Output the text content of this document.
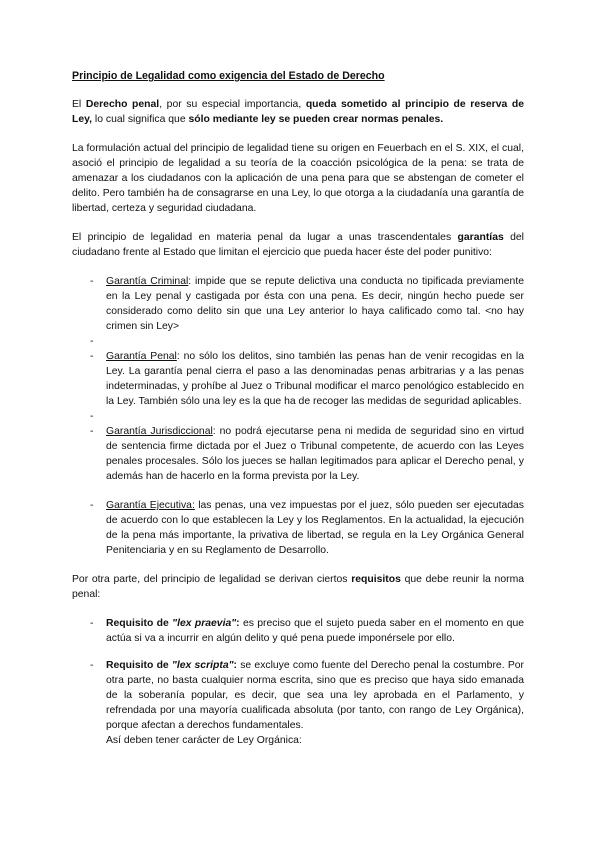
Principio de Legalidad como exigencia del Estado de Derecho

El Derecho penal, por su especial importancia, queda sometido al principio de reserva de Ley, lo cual significa que sólo mediante ley se pueden crear normas penales.

La formulación actual del principio de legalidad tiene su origen en Feuerbach en el S. XIX, el cual, asoció el principio de legalidad a su teoría de la coacción psicológica de la pena: se trata de amenazar a los ciudadanos con la aplicación de una pena para que se abstengan de cometer el delito. Pero también ha de consagrarse en una Ley, lo que otorga a la ciudadanía una garantía de libertad, certeza y seguridad ciudadana.

El principio de legalidad en materia penal da lugar a unas trascendentales garantías del ciudadano frente al Estado que limitan el ejercicio que pueda hacer éste del poder punitivo:

- Garantía Criminal: impide que se repute delictiva una conducta no tipificada previamente en la Ley penal y castigada por ésta con una pena. Es decir, ningún hecho puede ser considerado como delito sin que una Ley anterior lo haya calificado como tal. <no hay crimen sin Ley>
-
- Garantía Penal: no sólo los delitos, sino también las penas han de venir recogidas en la Ley. La garantía penal cierra el paso a las denominadas penas arbitrarias y a las penas indeterminadas, y prohíbe al Juez o Tribunal modificar el marco penológico establecido en la Ley. También sólo una ley es la que ha de recoger las medidas de seguridad aplicables.
-
- Garantía Jurisdiccional: no podrá ejecutarse pena ni medida de seguridad sino en virtud de sentencia firme dictada por el Juez o Tribunal competente, de acuerdo con las Leyes penales procesales. Sólo los jueces se hallan legitimados para aplicar el Derecho penal, y además han de hacerlo en la forma prevista por la Ley.
- Garantía Ejecutiva: las penas, una vez impuestas por el juez, sólo pueden ser ejecutadas de acuerdo con lo que establecen la Ley y los Reglamentos. En la actualidad, la ejecución de la pena más importante, la privativa de libertad, se regula en la Ley Orgánica General Penitenciaria y en su Reglamento de Desarrollo.

Por otra parte, del principio de legalidad se derivan ciertos requisitos que debe reunir la norma penal:

- Requisito de "lex praevia": es preciso que el sujeto pueda saber en el momento en que actúa si va a incurrir en algún delito y qué pena puede imponérsele por ello.
- Requisito de "lex scripta": se excluye como fuente del Derecho penal la costumbre. Por otra parte, no basta cualquier norma escrita, sino que es preciso que haya sido emanada de la soberanía popular, es decir, que sea una ley aprobada en el Parlamento, y refrendada por una mayoría cualificada absoluta (por tanto, con rango de Ley Orgánica), porque afectan a derechos fundamentales.
Así deben tener carácter de Ley Orgánica:
